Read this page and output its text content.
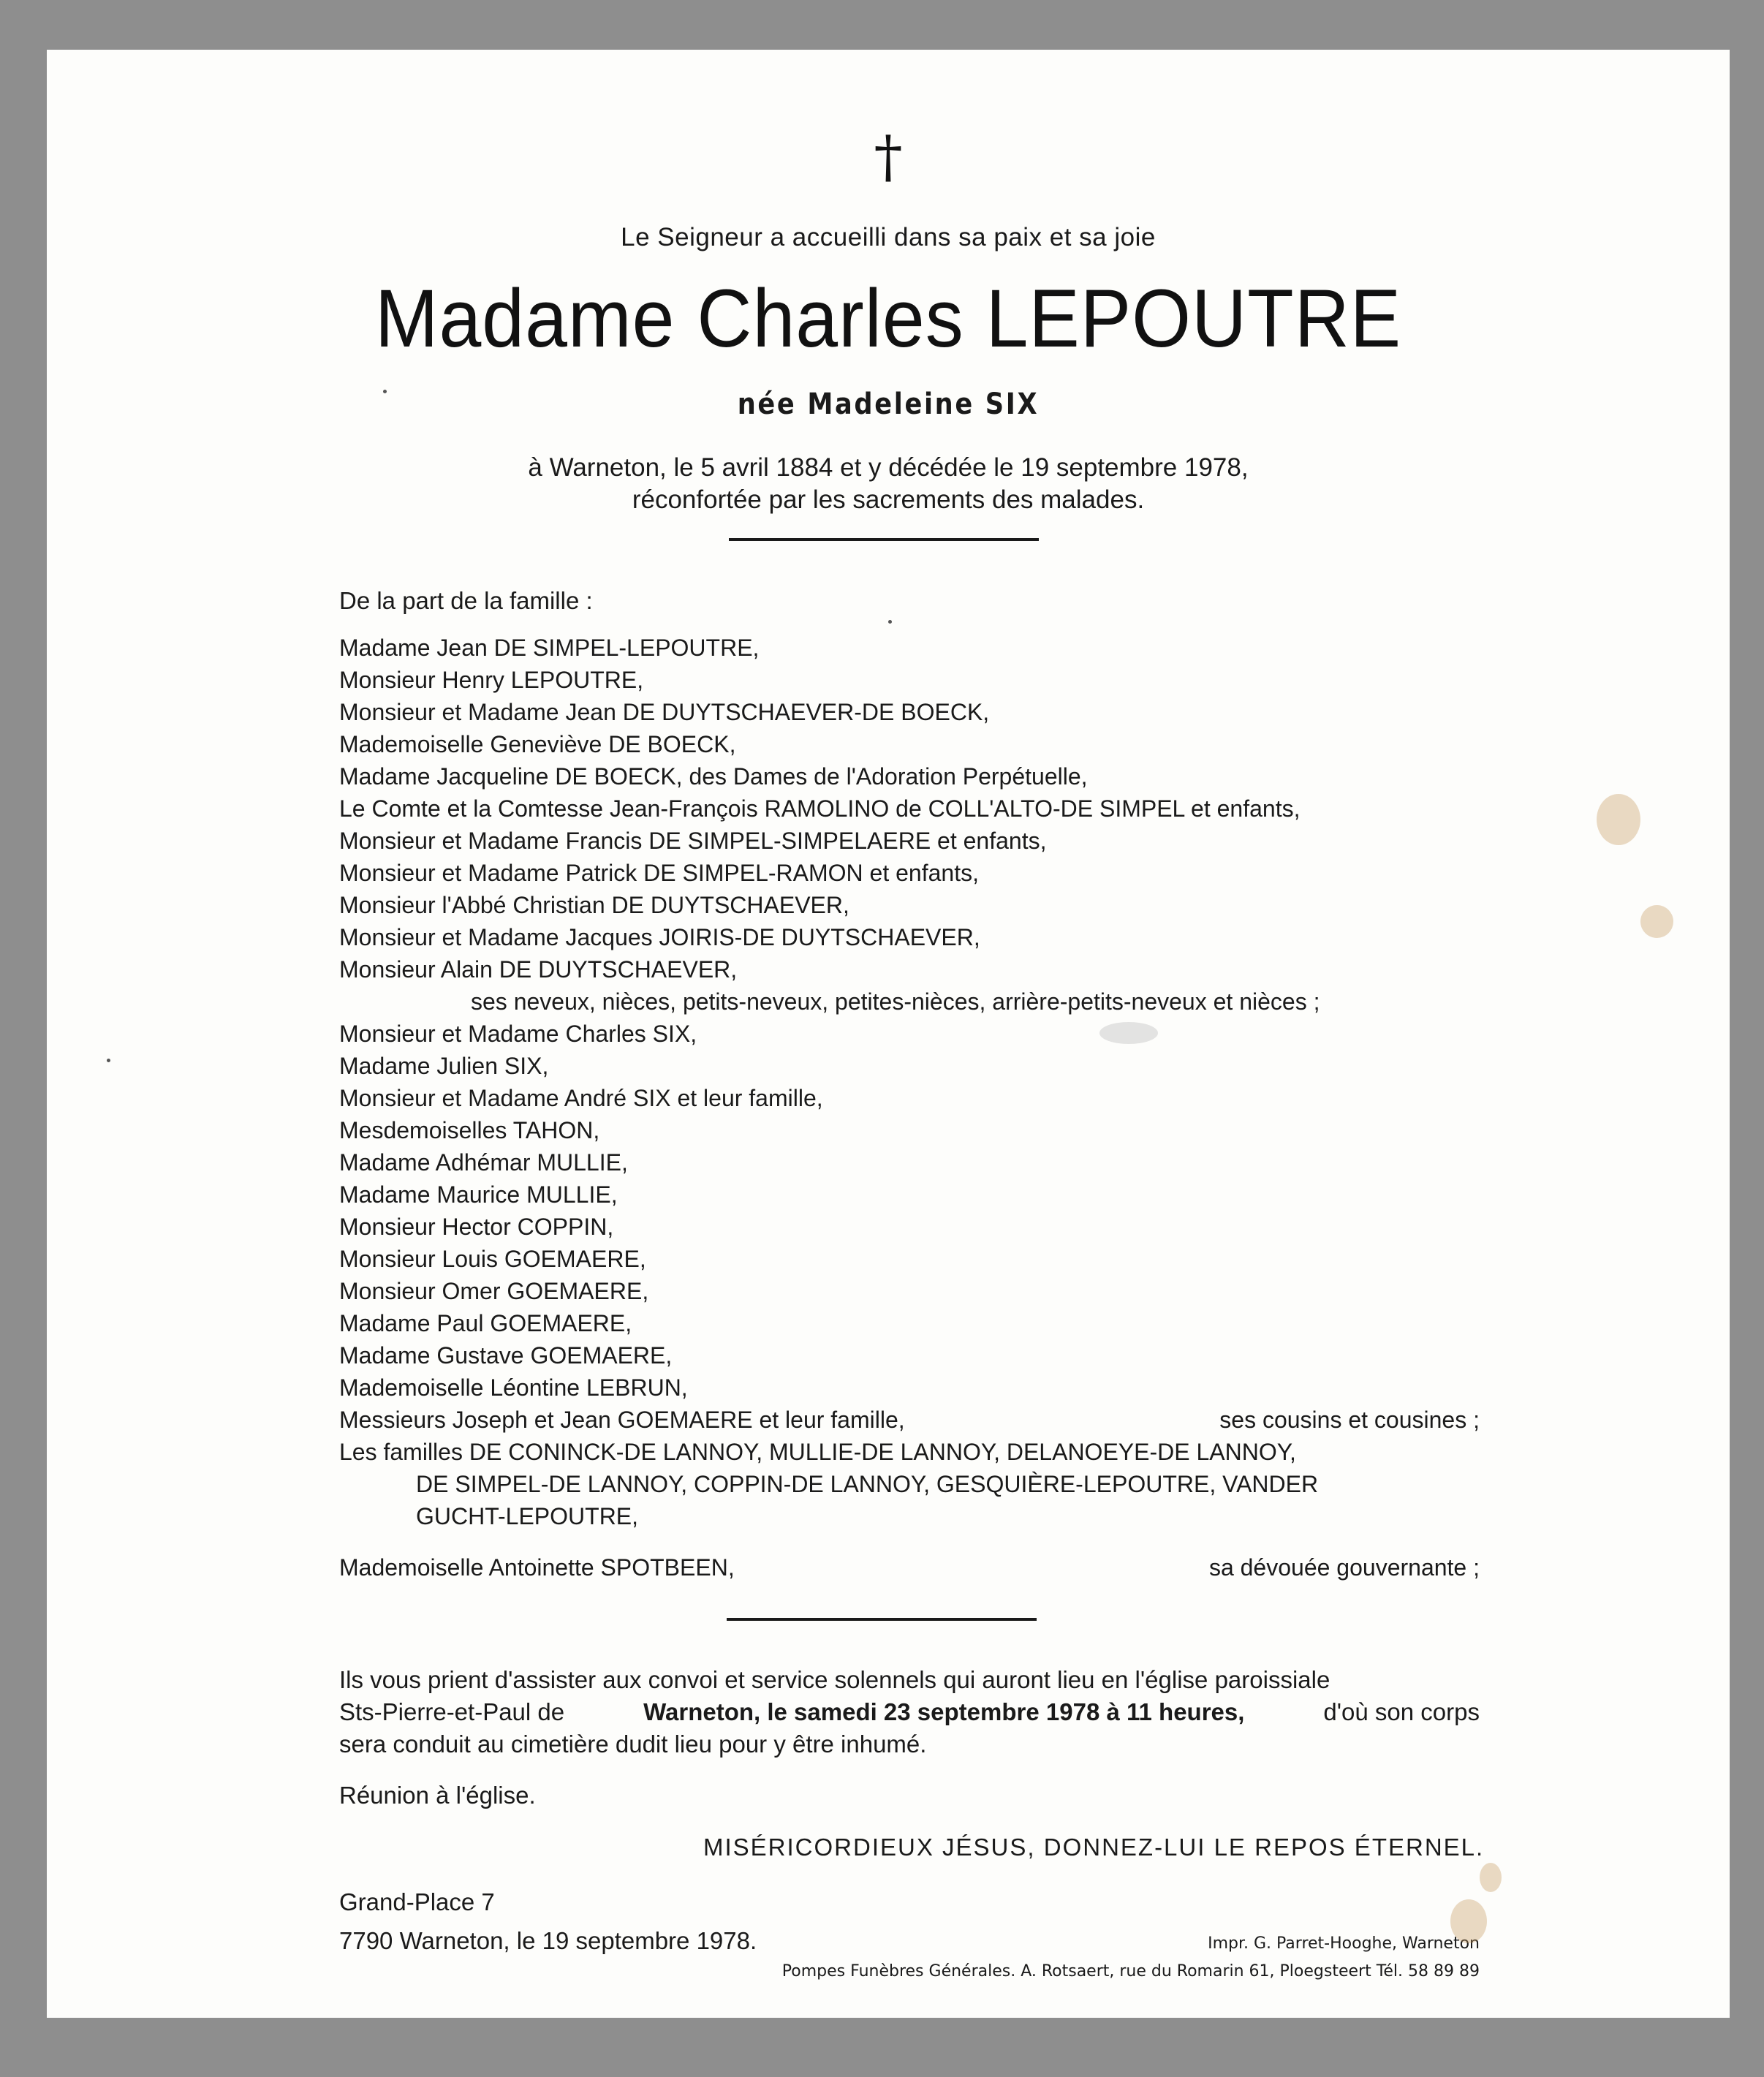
†
Le Seigneur a accueilli dans sa paix et sa joie
Madame Charles LEPOUTRE
née Madeleine SIX
à Warneton, le 5 avril 1884 et y décédée le 19 septembre 1978,
réconfortée par les sacrements des malades.
De la part de la famille :
Madame Jean DE SIMPEL-LEPOUTRE,
Monsieur Henry LEPOUTRE,
Monsieur et Madame Jean DE DUYTSCHAEVER-DE BOECK,
Mademoiselle Geneviève DE BOECK,
Madame Jacqueline DE BOECK, des Dames de l'Adoration Perpétuelle,
Le Comte et la Comtesse Jean-François RAMOLINO de COLL'ALTO-DE SIMPEL et enfants,
Monsieur et Madame Francis DE SIMPEL-SIMPELAERE et enfants,
Monsieur et Madame Patrick DE SIMPEL-RAMON et enfants,
Monsieur l'Abbé Christian DE DUYTSCHAEVER,
Monsieur et Madame Jacques JOIRIS-DE DUYTSCHAEVER,
Monsieur Alain DE DUYTSCHAEVER,
ses neveux, nièces, petits-neveux, petites-nièces, arrière-petits-neveux et nièces ;
Monsieur et Madame Charles SIX,
Madame Julien SIX,
Monsieur et Madame André SIX et leur famille,
Mesdemoiselles TAHON,
Madame Adhémar MULLIE,
Madame Maurice MULLIE,
Monsieur Hector COPPIN,
Monsieur Louis GOEMAERE,
Monsieur Omer GOEMAERE,
Madame Paul GOEMAERE,
Madame Gustave GOEMAERE,
Mademoiselle Léontine LEBRUN,
Messieurs Joseph et Jean GOEMAERE et leur famille,	ses cousins et cousines ;
Les familles DE CONINCK-DE LANNOY, MULLIE-DE LANNOY, DELANOEYE-DE LANNOY,
DE SIMPEL-DE LANNOY, COPPIN-DE LANNOY, GESQUIÈRE-LEPOUTRE, VANDER
GUCHT-LEPOUTRE,
Mademoiselle Antoinette SPOTBEEN,	sa dévouée gouvernante ;
Ils vous prient d'assister aux convoi et service solennels qui auront lieu en l'église paroissiale
Sts-Pierre-et-Paul de	Warneton, le samedi 23 septembre 1978 à 11 heures,	d'où son corps
sera conduit au cimetière dudit lieu pour y être inhumé.
Réunion à l'église.
MISÉRICORDIEUX JÉSUS, DONNEZ-LUI LE REPOS ÉTERNEL.
Grand-Place 7
7790 Warneton, le 19 septembre 1978.	Impr. G. Parret-Hooghe, Warneton
Pompes Funèbres Générales. A. Rotsaert, rue du Romarin 61, Ploegsteert Tél. 58 89 89
